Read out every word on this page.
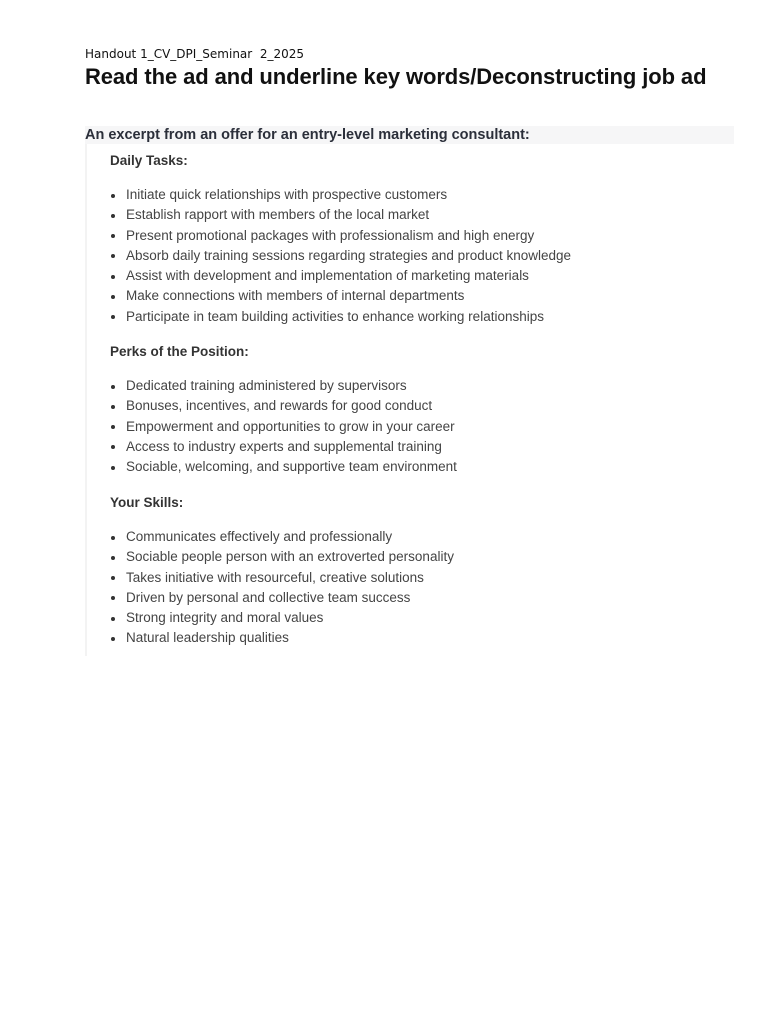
Handout 1_CV_DPI_Seminar  2_2025
Read the ad and underline key words/Deconstructing job ad
An excerpt from an offer for an entry-level marketing consultant:
Daily Tasks:
Initiate quick relationships with prospective customers
Establish rapport with members of the local market
Present promotional packages with professionalism and high energy
Absorb daily training sessions regarding strategies and product knowledge
Assist with development and implementation of marketing materials
Make connections with members of internal departments
Participate in team building activities to enhance working relationships
Perks of the Position:
Dedicated training administered by supervisors
Bonuses, incentives, and rewards for good conduct
Empowerment and opportunities to grow in your career
Access to industry experts and supplemental training
Sociable, welcoming, and supportive team environment
Your Skills:
Communicates effectively and professionally
Sociable people person with an extroverted personality
Takes initiative with resourceful, creative solutions
Driven by personal and collective team success
Strong integrity and moral values
Natural leadership qualities
